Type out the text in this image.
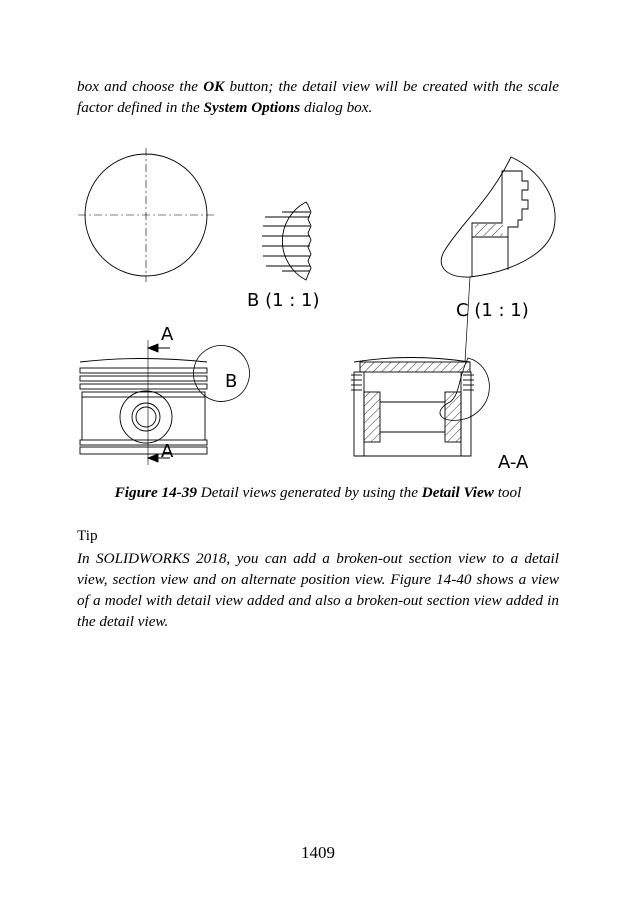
box and choose the OK button; the detail view will be created with the scale factor defined in the System Options dialog box.

B (1 : 1)	C (1 : 1)
A
A
B
A-A
Figure 14-39 Detail views generated by using the Detail View tool
Tip

In SOLIDWORKS 2018, you can add a broken-out section view to a detail view, section view and on alternate position view. Figure 14-40 shows a view of a model with detail view added and also a broken-out section view added in the detail view.

1409
